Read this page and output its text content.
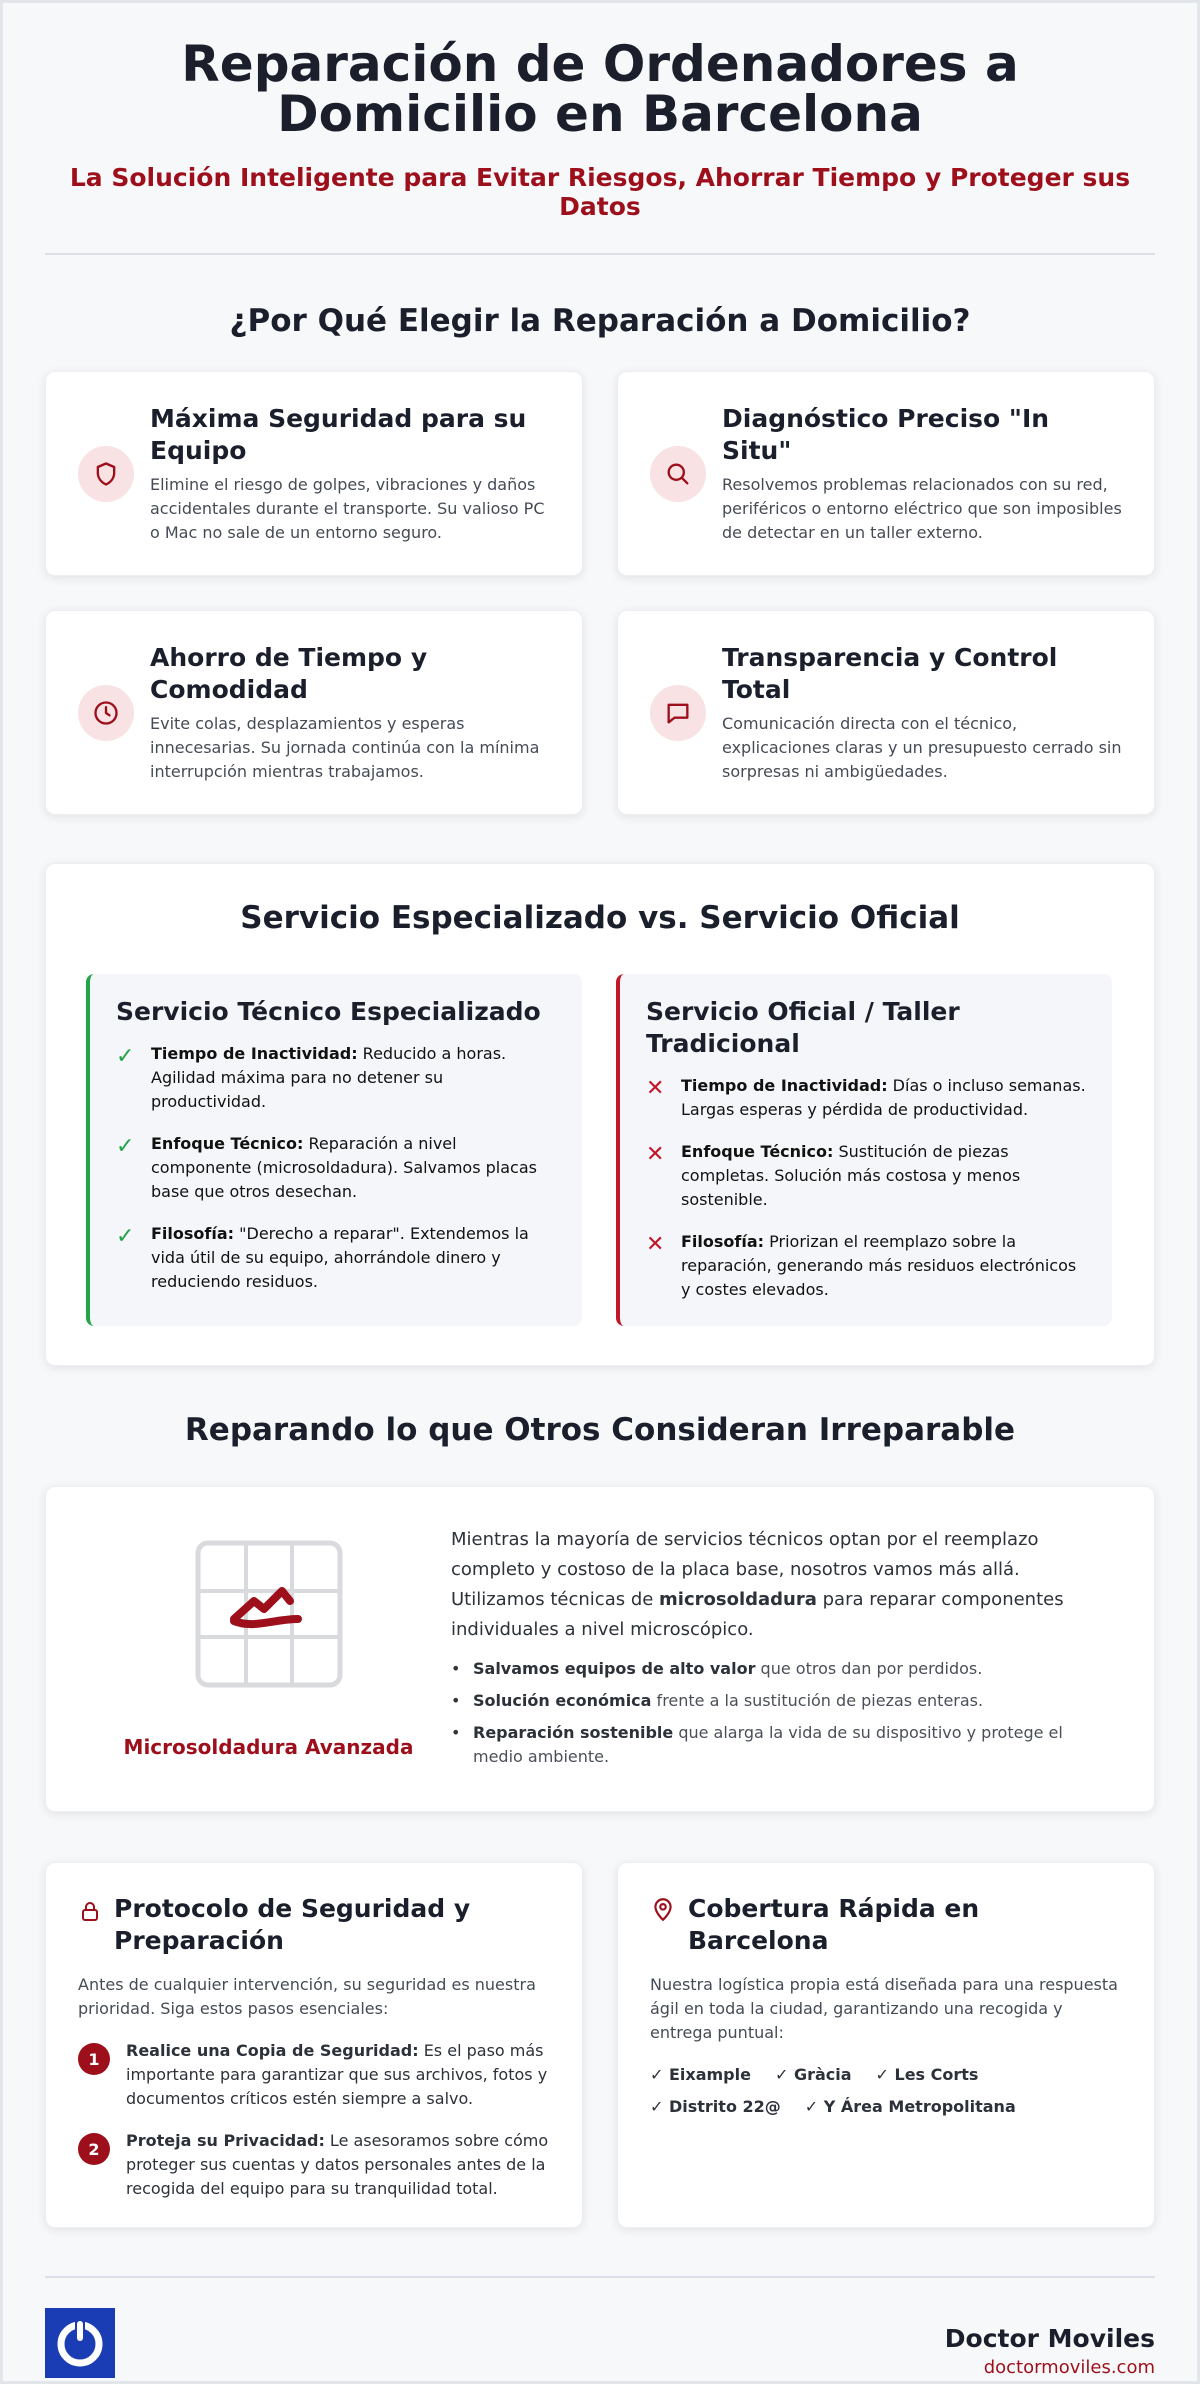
Reparación de Ordenadores a Domicilio en Barcelona
La Solución Inteligente para Evitar Riesgos, Ahorrar Tiempo y Proteger sus Datos
¿Por Qué Elegir la Reparación a Domicilio?
Máxima Seguridad para su Equipo

Elimine el riesgo de golpes, vibraciones y daños accidentales durante el transporte. Su valioso PC o Mac no sale de un entorno seguro.

Diagnóstico Preciso "In Situ"

Resolvemos problemas relacionados con su red, periféricos o entorno eléctrico que son imposibles de detectar en un taller externo.

Ahorro de Tiempo y Comodidad

Evite colas, desplazamientos y esperas innecesarias. Su jornada continúa con la mínima interrupción mientras trabajamos.

Transparencia y Control Total

Comunicación directa con el técnico, explicaciones claras y un presupuesto cerrado sin sorpresas ni ambigüedades.

Servicio Especializado vs. Servicio Oficial
Servicio Técnico Especializado
✓	Tiempo de Inactividad: Reducido a horas. Agilidad máxima para no detener su productividad.
✓	Enfoque Técnico: Reparación a nivel componente (microsoldadura). Salvamos placas base que otros desechan.
✓	Filosofía: "Derecho a reparar". Extendemos la vida útil de su equipo, ahorrándole dinero y reduciendo residuos.
Servicio Oficial / Taller Tradicional
✕	Tiempo de Inactividad: Días o incluso semanas. Largas esperas y pérdida de productividad.
✕	Enfoque Técnico: Sustitución de piezas completas. Solución más costosa y menos sostenible.
✕	Filosofía: Priorizan el reemplazo sobre la reparación, generando más residuos electrónicos y costes elevados.
Reparando lo que Otros Consideran Irreparable
Microsoldadura Avanzada

Mientras la mayoría de servicios técnicos optan por el reemplazo completo y costoso de la placa base, nosotros vamos más allá. Utilizamos técnicas de microsoldadura para reparar componentes individuales a nivel microscópico.

• Salvamos equipos de alto valor que otros dan por perdidos.
• Solución económica frente a la sustitución de piezas enteras.
• Reparación sostenible que alarga la vida de su dispositivo y protege el medio ambiente.
Protocolo de Seguridad y Preparación
Antes de cualquier intervención, su seguridad es nuestra prioridad. Siga estos pasos esenciales:
1	Realice una Copia de Seguridad: Es el paso más importante para garantizar que sus archivos, fotos y documentos críticos estén siempre a salvo.
2	Proteja su Privacidad: Le asesoramos sobre cómo proteger sus cuentas y datos personales antes de la recogida del equipo para su tranquilidad total.
Cobertura Rápida en Barcelona
Nuestra logística propia está diseñada para una respuesta ágil en toda la ciudad, garantizando una recogida y entrega puntual:
✓ Eixample ✓ Gràcia ✓ Les Corts
✓ Distrito 22@ ✓ Y Área Metropolitana
Doctor Moviles
doctormoviles.com
